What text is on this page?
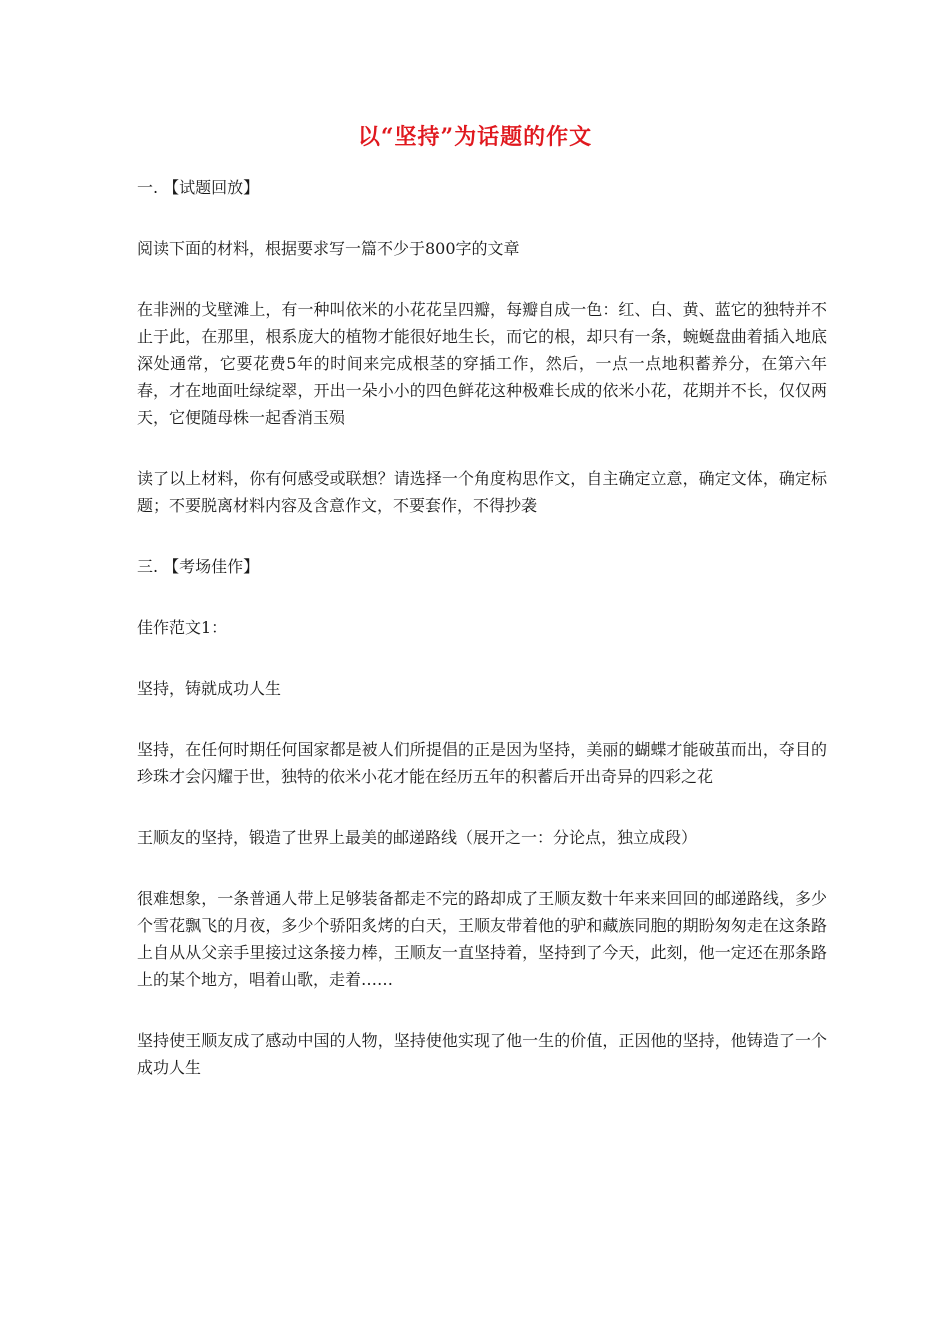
以“坚持”为话题的作文

一. 【试题回放】

阅读下面的材料，根据要求写一篇不少于800字的文章

在非洲的戈壁滩上，有一种叫依米的小花花呈四瓣，每瓣自成一色：红、白、黄、蓝它的独特并不止于此，在那里，根系庞大的植物才能很好地生长，而它的根，却只有一条，蜿蜒盘曲着插入地底深处通常，它要花费5年的时间来完成根茎的穿插工作，然后，一点一点地积蓄养分，在第六年春，才在地面吐绿绽翠，开出一朵小小的四色鲜花这种极难长成的依米小花，花期并不长，仅仅两天，它便随母株一起香消玉殒

读了以上材料，你有何感受或联想？请选择一个角度构思作文，自主确定立意，确定文体，确定标题；不要脱离材料内容及含意作文，不要套作，不得抄袭

三. 【考场佳作】

佳作范文1：

坚持，铸就成功人生

坚持，在任何时期任何国家都是被人们所提倡的正是因为坚持，美丽的蝴蝶才能破茧而出，夺目的珍珠才会闪耀于世，独特的依米小花才能在经历五年的积蓄后开出奇异的四彩之花

王顺友的坚持，锻造了世界上最美的邮递路线（展开之一：分论点，独立成段）

很难想象，一条普通人带上足够装备都走不完的路却成了王顺友数十年来来回回的邮递路线，多少个雪花飘飞的月夜，多少个骄阳炙烤的白天，王顺友带着他的驴和藏族同胞的期盼匆匆走在这条路上自从从父亲手里接过这条接力棒，王顺友一直坚持着，坚持到了今天，此刻，他一定还在那条路上的某个地方，唱着山歌，走着……

坚持使王顺友成了感动中国的人物，坚持使他实现了他一生的价值，正因他的坚持，他铸造了一个成功人生
